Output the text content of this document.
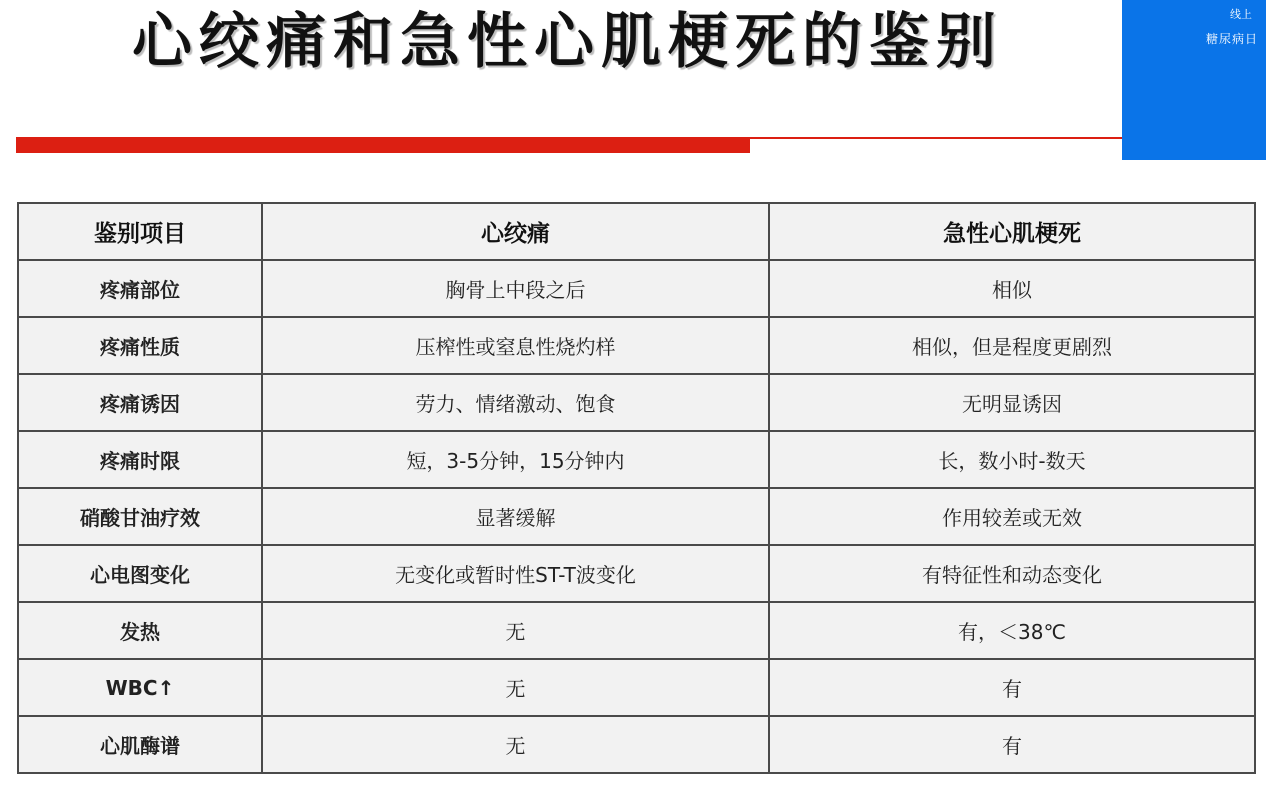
心绞痛和急性心肌梗死的鉴别	线上
糖尿病日
鉴别项目	心绞痛	急性心肌梗死
疼痛部位	胸骨上中段之后	相似
疼痛性质	压榨性或窒息性烧灼样	相似，但是程度更剧烈
疼痛诱因	劳力、情绪激动、饱食	无明显诱因
疼痛时限	短，3-5分钟，15分钟内	长，数小时-数天
硝酸甘油疗效	显著缓解	作用较差或无效
心电图变化	无变化或暂时性ST-T波变化	有特征性和动态变化
发热	无	有，＜38℃
WBC↑	无	有
心肌酶谱	无	有
